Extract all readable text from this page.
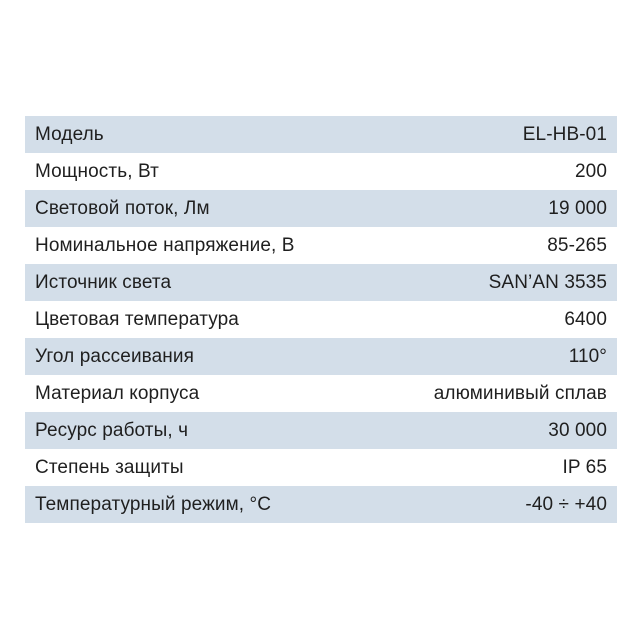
Модель	EL-HB-01
Мощность, Вт	200
Световой поток, Лм	19 000
Номинальное напряжение, В	85-265
Источник света	SAN’AN 3535
Цветовая температура	6400
Угол рассеивания	110°
Материал корпуса	алюминивый сплав
Ресурс работы, ч	30 000
Степень защиты	IP 65
Температурный режим, °C	-40 ÷ +40
